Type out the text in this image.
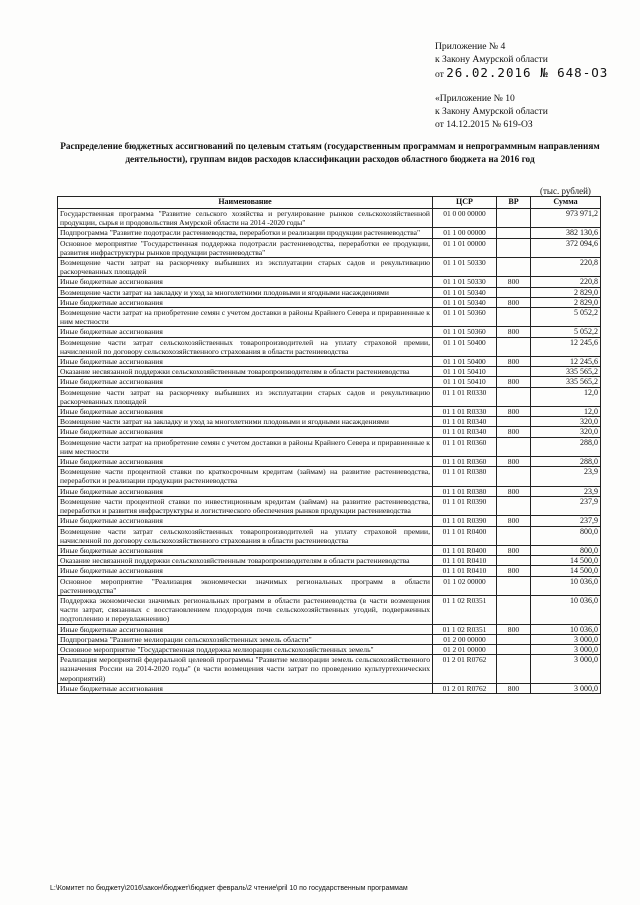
Приложение № 4
к Закону Амурской области
от 26.02.2016 № 648-ОЗ
«Приложение № 10
к Закону Амурской области
от 14.12.2015 № 619-ОЗ
Распределение бюджетных ассигнований по целевым статьям (государственным программам и непрограммным направлениям деятельности), группам видов расходов классификации расходов областного бюджета на 2016 год
(тыс. рублей)
Наименование	ЦСР	ВР	Сумма
Государственная программа "Развитие сельского хозяйства и регулирование рынков сельскохозяйственной продукции, сырья и продовольствия Амурской области на 2014 -2020 годы"	01 0 00 00000		973 971,2
Подпрограмма "Развитие подотрасли растениеводства, переработки и реализации продукции растениеводства"	01 1 00 00000		382 130,6
Основное мероприятие "Государственная поддержка подотрасли растениеводства, переработки ее продукции, развития инфраструктуры рынков продукции растениеводства"	01 1 01 00000		372 094,6
Возмещение части затрат на раскорчевку выбывших из эксплуатации старых садов и рекультивацию раскорчеванных площадей	01 1 01 50330		220,8
Иные бюджетные ассигнования	01 1 01 50330	800	220,8
Возмещение части затрат на закладку и уход за многолетними плодовыми и ягодными насаждениями	01 1 01 50340		2 829,0
Иные бюджетные ассигнования	01 1 01 50340	800	2 829,0
Возмещение части затрат на приобретение семян с учетом доставки в районы Крайнего Севера и приравненные к ним местности	01 1 01 50360		5 052,2
Иные бюджетные ассигнования	01 1 01 50360	800	5 052,2
Возмещение части затрат сельскохозяйственных товаропроизводителей на уплату страховой премии, начисленной по договору сельскохозяйственного страхования в области растениеводства	01 1 01 50400		12 245,6
Иные бюджетные ассигнования	01 1 01 50400	800	12 245,6
Оказание несвязанной поддержки сельскохозяйственным товаропроизводителям в области растениеводства	01 1 01 50410		335 565,2
Иные бюджетные ассигнования	01 1 01 50410	800	335 565,2
Возмещение части затрат на раскорчевку выбывших из эксплуатации старых садов и рекультивацию раскорчеванных площадей	01 1 01 R0330		12,0
Иные бюджетные ассигнования	01 1 01 R0330	800	12,0
Возмещение части затрат на закладку и уход за многолетними плодовыми и ягодными насаждениями	01 1 01 R0340		320,0
Иные бюджетные ассигнования	01 1 01 R0340	800	320,0
Возмещение части затрат на приобретение семян с учетом доставки в районы Крайнего Севера и приравненные к ним местности	01 1 01 R0360		288,0
Иные бюджетные ассигнования	01 1 01 R0360	800	288,0
Возмещение части процентной ставки по краткосрочным кредитам (займам) на развитие растениеводства, переработки и реализации продукции растениеводства	01 1 01 R0380		23,9
Иные бюджетные ассигнования	01 1 01 R0380	800	23,9
Возмещение части процентной ставки по инвестиционным кредитам (займам) на развитие растениеводства, переработки и развития инфраструктуры и логистического обеспечения рынков продукции растениеводства	01 1 01 R0390		237,9
Иные бюджетные ассигнования	01 1 01 R0390	800	237,9
Возмещение части затрат сельскохозяйственных товаропроизводителей на уплату страховой премии, начисленной по договору сельскохозяйственного страхования в области растениеводства	01 1 01 R0400		800,0
Иные бюджетные ассигнования	01 1 01 R0400	800	800,0
Оказание несвязанной поддержки сельскохозяйственным товаропроизводителям в области растениеводства	01 1 01 R0410		14 500,0
Иные бюджетные ассигнования	01 1 01 R0410	800	14 500,0
Основное мероприятие "Реализация экономически значимых региональных программ в области растениеводства"	01 1 02 00000		10 036,0
Поддержка экономически значимых региональных программ в области растениеводства (в части возмещения части затрат, связанных с восстановлением плодородия почв сельскохозяйственных угодий, подверженных подтоплению и переувлажнению)	01 1 02 R0351		10 036,0
Иные бюджетные ассигнования	01 1 02 R0351	800	10 036,0
Подпрограмма "Развитие мелиорации сельскохозяйственных земель области"	01 2 00 00000		3 000,0
Основное мероприятие "Государственная поддержка мелиорации сельскохозяйственных земель"	01 2 01 00000		3 000,0
Реализация мероприятий федеральной целевой программы "Развитие мелиорации земель сельскохозяйственного назначения России на 2014-2020 годы" (в части возмещения части затрат по проведению культуртехнических мероприятий)	01 2 01 R0762		3 000,0
Иные бюджетные ассигнования	01 2 01 R0762	800	3 000,0
L:\Комитет по бюджету\2016\закон\бюджет\бюджет февраль\2 чтение\pril 10 по государственным программам
